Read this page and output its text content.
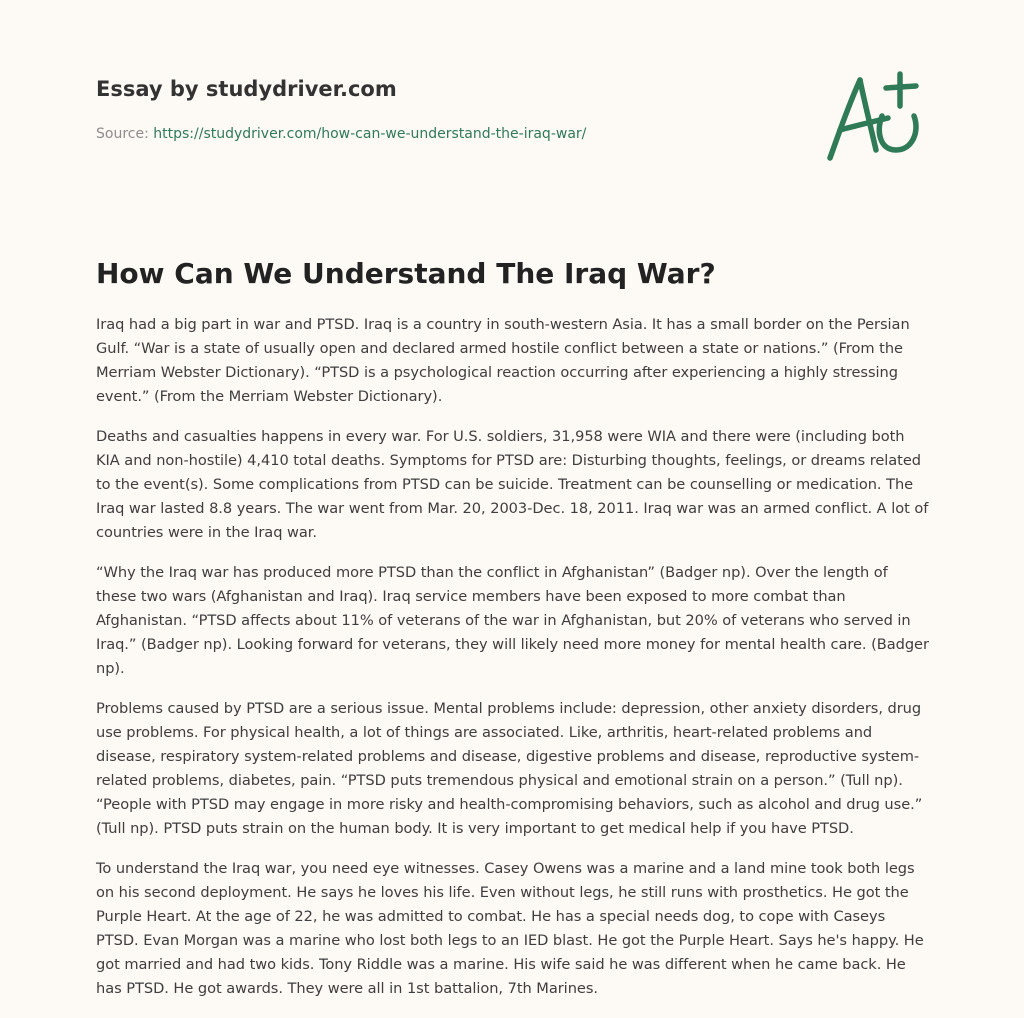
Essay by studydriver.com
Source: https://studydriver.com/how-can-we-understand-the-iraq-war/
How Can We Understand The Iraq War?

Iraq had a big part in war and PTSD. Iraq is a country in south-western Asia. It has a small border on the Persian Gulf. “War is a state of usually open and declared armed hostile conflict between a state or nations.” (From the Merriam Webster Dictionary). “PTSD is a psychological reaction occurring after experiencing a highly stressing event.” (From the Merriam Webster Dictionary).

Deaths and casualties happens in every war. For U.S. soldiers, 31,958 were WIA and there were (including both KIA and non-hostile) 4,410 total deaths. Symptoms for PTSD are: Disturbing thoughts, feelings, or dreams related to the event(s). Some complications from PTSD can be suicide. Treatment can be counselling or medication. The Iraq war lasted 8.8 years. The war went from Mar. 20, 2003-Dec. 18, 2011. Iraq war was an armed conflict. A lot of countries were in the Iraq war.

“Why the Iraq war has produced more PTSD than the conflict in Afghanistan” (Badger np). Over the length of these two wars (Afghanistan and Iraq). Iraq service members have been exposed to more combat than Afghanistan. “PTSD affects about 11% of veterans of the war in Afghanistan, but 20% of veterans who served in Iraq.” (Badger np). Looking forward for veterans, they will likely need more money for mental health care. (Badger np).

Problems caused by PTSD are a serious issue. Mental problems include: depression, other anxiety disorders, drug use problems. For physical health, a lot of things are associated. Like, arthritis, heart-related problems and disease, respiratory system-related problems and disease, digestive problems and disease, reproductive system-related problems, diabetes, pain. “PTSD puts tremendous physical and emotional strain on a person.” (Tull np). “People with PTSD may engage in more risky and health-compromising behaviors, such as alcohol and drug use.” (Tull np). PTSD puts strain on the human body. It is very important to get medical help if you have PTSD.

To understand the Iraq war, you need eye witnesses. Casey Owens was a marine and a land mine took both legs on his second deployment. He says he loves his life. Even without legs, he still runs with prosthetics. He got the Purple Heart. At the age of 22, he was admitted to combat. He has a special needs dog, to cope with Caseys PTSD. Evan Morgan was a marine who lost both legs to an IED blast. He got the Purple Heart. Says he's happy. He got married and had two kids. Tony Riddle was a marine. His wife said he was different when he came back. He has PTSD. He got awards. They were all in 1st battalion, 7th Marines.
